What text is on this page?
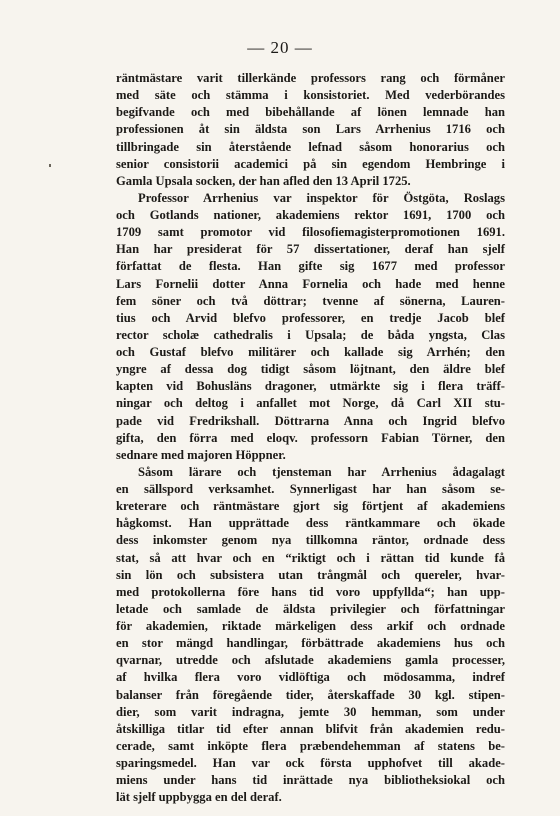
— 20 —

räntmästare varit tillerkände professors rang och förmåner

med säte och stämma i konsistoriet. Med vederbörandes

begifvande och med bibehållande af lönen lemnade han

professionen åt sin äldsta son Lars Arrhenius 1716 och

tillbringade sin återstående lefnad såsom honorarius och

senior consistorii academici på sin egendom Hembringe i

Gamla Upsala socken, der han afled den 13 April 1725.

Professor Arrhenius var inspektor för Östgöta, Roslags

och Gotlands nationer, akademiens rektor 1691, 1700 och

1709 samt promotor vid filosofiemagisterpromotionen 1691.

Han har presiderat för 57 dissertationer, deraf han sjelf

författat de flesta. Han gifte sig 1677 med professor

Lars Fornelii dotter Anna Fornelia och hade med henne

fem söner och två döttrar; tvenne af sönerna, Lauren-

tius och Arvid blefvo professorer, en tredje Jacob blef

rector scholæ cathedralis i Upsala; de båda yngsta, Clas

och Gustaf blefvo militärer och kallade sig Arrhén; den

yngre af dessa dog tidigt såsom löjtnant, den äldre blef

kapten vid Bohusläns dragoner, utmärkte sig i flera träff-

ningar och deltog i anfallet mot Norge, då Carl XII stu-

pade vid Fredrikshall. Döttrarna Anna och Ingrid blefvo

gifta, den förra med eloqv. professorn Fabian Törner, den

sednare med majoren Höppner.

Såsom lärare och tjensteman har Arrhenius ådagalagt

en sällspord verksamhet. Synnerligast har han såsom se-

kreterare och räntmästare gjort sig förtjent af akademiens

hågkomst. Han upprättade dess räntkammare och ökade

dess inkomster genom nya tillkomna räntor, ordnade dess

stat, så att hvar och en “riktigt och i rättan tid kunde få

sin lön och subsistera utan trångmål och quereler, hvar-

med protokollerna före hans tid voro uppfyllda“; han upp-

letade och samlade de äldsta privilegier och författningar

för akademien, riktade märkeligen dess arkif och ordnade

en stor mängd handlingar, förbättrade akademiens hus och

qvarnar, utredde och afslutade akademiens gamla processer,

af hvilka flera voro vidlöftiga och mödosamma, indref

balanser från föregående tider, återskaffade 30 kgl. stipen-

dier, som varit indragna, jemte 30 hemman, som under

åtskilliga titlar tid efter annan blifvit från akademien redu-

cerade, samt inköpte flera præbendehemman af statens be-

sparingsmedel. Han var ock första upphofvet till akade-

miens under hans tid inrättade nya bibliotheksiokal och

lät sjelf uppbygga en del deraf.
